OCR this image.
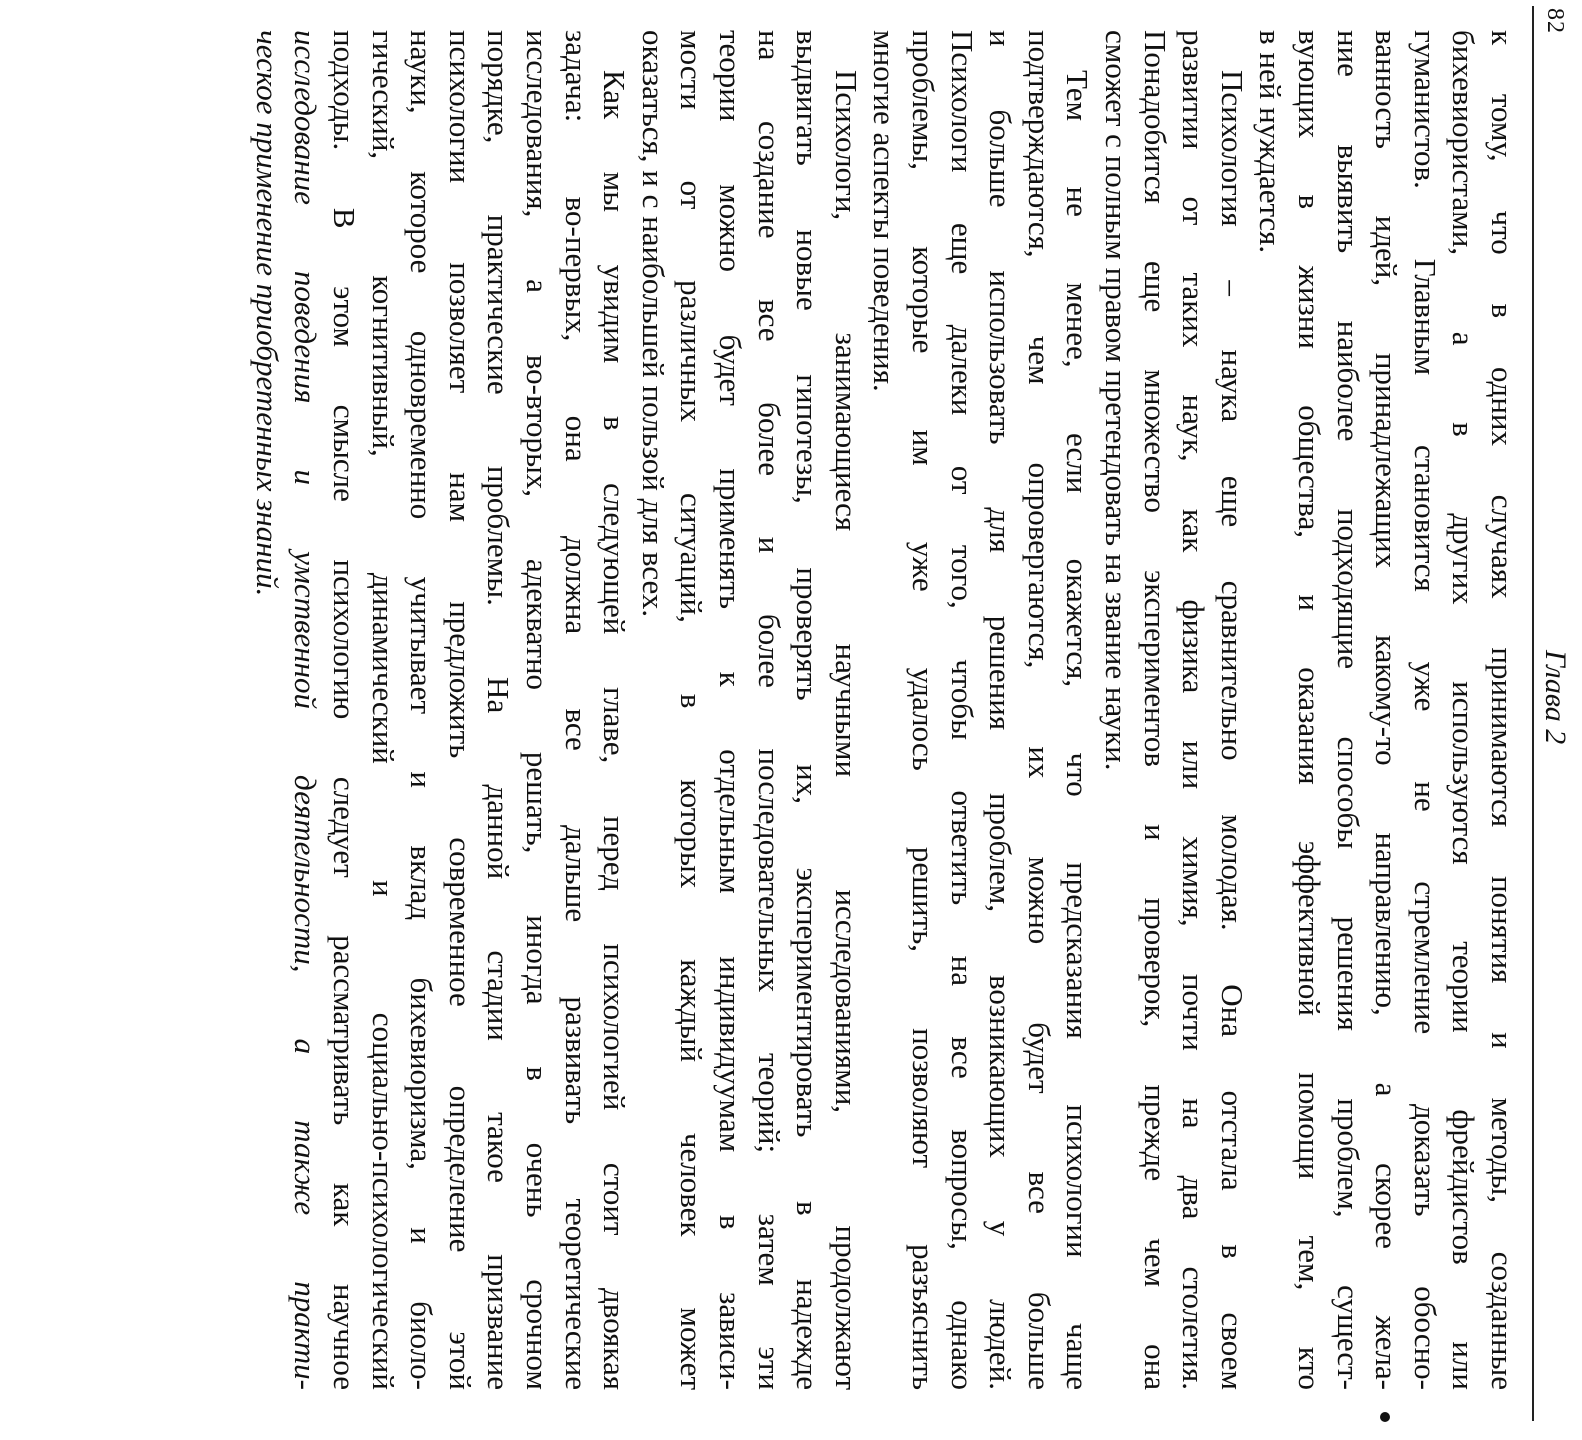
82
Глава 2
к тому, что в одних случаях принимаются понятия и методы, созданные
бихевиористами, а в других используются теории фрейдистов или
гуманистов. Главным становится уже не стремление доказать обосно-
ванность идей, принадлежащих какому-то направлению, а скорее жела-
ние выявить наиболее подходящие способы решения проблем, сущест-
вующих в жизни общества, и оказания эффективной помощи тем, кто
в ней нуждается.
Психология – наука еще сравнительно молодая. Она отстала в своем
развитии от таких наук, как физика или химия, почти на два столетия.
Понадобится еще множество экспериментов и проверок, прежде чем она
сможет с полным правом претендовать на звание науки.
Тем не менее, если окажется, что предсказания психологии чаще
подтверждаются, чем опровергаются, их можно будет все больше
и больше использовать для решения проблем, возникающих у людей.
Психологи еще далеки от того, чтобы ответить на все вопросы, однако
проблемы, которые им уже удалось решить, позволяют разъяснить
многие аспекты поведения.
Психологи, занимающиеся научными исследованиями, продолжают
выдвигать новые гипотезы, проверять их, экспериментировать в надежде
на создание все более и более последовательных теорий; затем эти
теории можно будет применять к отдельным индивидуумам в зависи-
мости от различных ситуаций, в которых каждый человек может
оказаться, и с наибольшей пользой для всех.
Как мы увидим в следующей главе, перед психологией стоит двоякая
задача: во-первых, она должна все дальше развивать теоретические
исследования, а во-вторых, адекватно решать, иногда в очень срочном
порядке, практические проблемы. На данной стадии такое призвание
психологии позволяет нам предложить современное определение этой
науки, которое одновременно учитывает и вклад бихевиоризма, и биоло-
гический, когнитивный, динамический и социально-психологический
подходы. В этом смысле психологию следует рассматривать как научное
исследование поведения и умственной деятельности, а также практи-
ческое применение приобретенных знаний.
